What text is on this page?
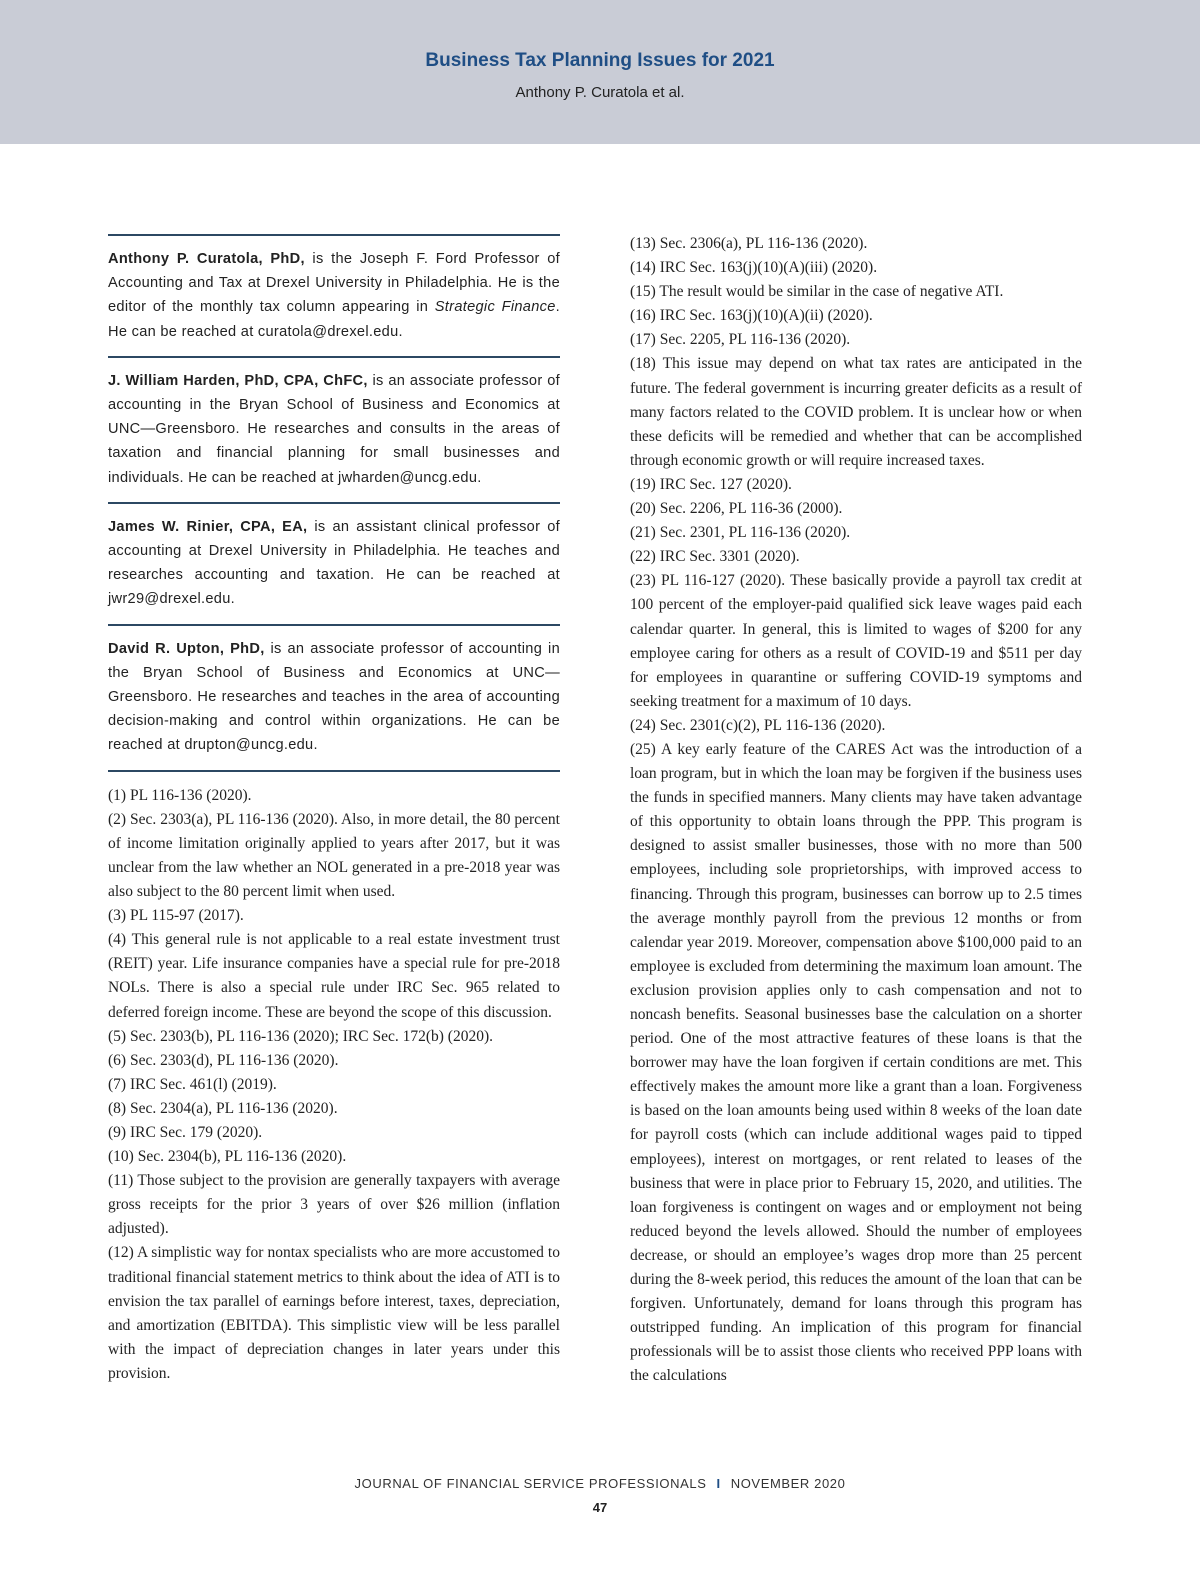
Business Tax Planning Issues for 2021
Anthony P. Curatola et al.
Anthony P. Curatola, PhD, is the Joseph F. Ford Professor of Accounting and Tax at Drexel University in Philadelphia. He is the editor of the monthly tax column appearing in Strategic Finance. He can be reached at curatola@drexel.edu.
J. William Harden, PhD, CPA, ChFC, is an associate professor of accounting in the Bryan School of Business and Economics at UNC—Greensboro. He researches and consults in the areas of taxation and financial planning for small businesses and individuals. He can be reached at jwharden@uncg.edu.
James W. Rinier, CPA, EA, is an assistant clinical professor of accounting at Drexel University in Philadelphia. He teaches and researches accounting and taxation. He can be reached at jwr29@drexel.edu.
David R. Upton, PhD, is an associate professor of accounting in the Bryan School of Business and Economics at UNC—Greensboro. He researches and teaches in the area of accounting decision-making and control within organizations. He can be reached at drupton@uncg.edu.

(1) PL 116-136 (2020).

(2) Sec. 2303(a), PL 116-136 (2020). Also, in more detail, the 80 percent of income limitation originally applied to years after 2017, but it was unclear from the law whether an NOL generated in a pre-2018 year was also subject to the 80 percent limit when used.

(3) PL 115-97 (2017).

(4) This general rule is not applicable to a real estate investment trust (REIT) year. Life insurance companies have a special rule for pre-2018 NOLs. There is also a special rule under IRC Sec. 965 related to deferred foreign income. These are beyond the scope of this discussion.

(5) Sec. 2303(b), PL 116-136 (2020); IRC Sec. 172(b) (2020).

(6) Sec. 2303(d), PL 116-136 (2020).

(7) IRC Sec. 461(l) (2019).

(8) Sec. 2304(a), PL 116-136 (2020).

(9) IRC Sec. 179 (2020).

(10) Sec. 2304(b), PL 116-136 (2020).

(11) Those subject to the provision are generally taxpayers with average gross receipts for the prior 3 years of over $26 million (inflation adjusted).

(12) A simplistic way for nontax specialists who are more accustomed to traditional financial statement metrics to think about the idea of ATI is to envision the tax parallel of earnings before interest, taxes, depreciation, and amortization (EBITDA). This simplistic view will be less parallel with the impact of depreciation changes in later years under this provision.

(13) Sec. 2306(a), PL 116-136 (2020).

(14) IRC Sec. 163(j)(10)(A)(iii) (2020).

(15) The result would be similar in the case of negative ATI.

(16) IRC Sec. 163(j)(10)(A)(ii) (2020).

(17) Sec. 2205, PL 116-136 (2020).

(18) This issue may depend on what tax rates are anticipated in the future. The federal government is incurring greater deficits as a result of many factors related to the COVID problem. It is unclear how or when these deficits will be remedied and whether that can be accomplished through economic growth or will require increased taxes.

(19) IRC Sec. 127 (2020).

(20) Sec. 2206, PL 116-36 (2000).

(21) Sec. 2301, PL 116-136 (2020).

(22) IRC Sec. 3301 (2020).

(23) PL 116-127 (2020). These basically provide a payroll tax credit at 100 percent of the employer-paid qualified sick leave wages paid each calendar quarter. In general, this is limited to wages of $200 for any employee caring for others as a result of COVID-19 and $511 per day for employees in quarantine or suffering COVID-19 symptoms and seeking treatment for a maximum of 10 days.

(24) Sec. 2301(c)(2), PL 116-136 (2020).

(25) A key early feature of the CARES Act was the introduction of a loan program, but in which the loan may be forgiven if the business uses the funds in specified manners. Many clients may have taken advantage of this opportunity to obtain loans through the PPP. This program is designed to assist smaller businesses, those with no more than 500 employees, including sole proprietorships, with improved access to financing. Through this program, businesses can borrow up to 2.5 times the average monthly payroll from the previous 12 months or from calendar year 2019. Moreover, compensation above $100,000 paid to an employee is excluded from determining the maximum loan amount. The exclusion provision applies only to cash compensation and not to noncash benefits. Seasonal businesses base the calculation on a shorter period. One of the most attractive features of these loans is that the borrower may have the loan forgiven if certain conditions are met. This effectively makes the amount more like a grant than a loan. Forgiveness is based on the loan amounts being used within 8 weeks of the loan date for payroll costs (which can include additional wages paid to tipped employees), interest on mortgages, or rent related to leases of the business that were in place prior to February 15, 2020, and utilities. The loan forgiveness is contingent on wages and or employment not being reduced beyond the levels allowed. Should the number of employees decrease, or should an employee’s wages drop more than 25 percent during the 8-week period, this reduces the amount of the loan that can be forgiven. Unfortunately, demand for loans through this program has outstripped funding. An implication of this program for financial professionals will be to assist those clients who received PPP loans with the calculations

JOURNAL OF FINANCIAL SERVICE PROFESSIONALS I NOVEMBER 2020
47
